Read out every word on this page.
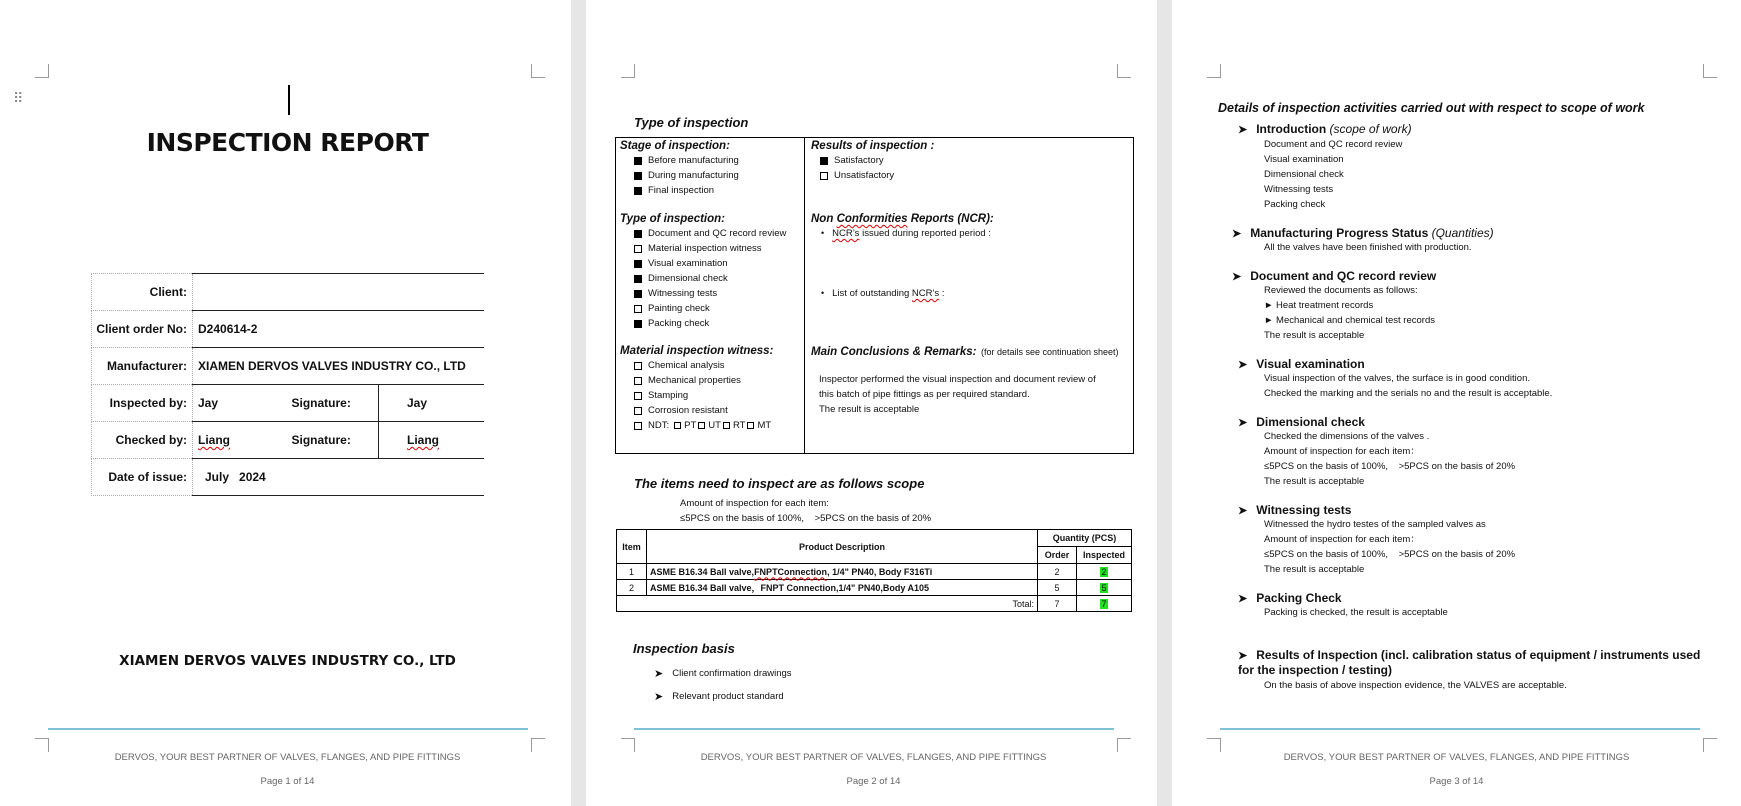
⠿
INSPECTION REPORT
Client:			
Client order No:	D240614-2		
Manufacturer:	XIAMEN DERVOS VALVES INDUSTRY CO., LTD		
Inspected by:	Jay	Signature:	Jay
Checked by:	Liang	Signature:	Liang
Date of issue:	July   2024		
XIAMEN DERVOS VALVES INDUSTRY CO., LTD
DERVOS, YOUR BEST PARTNER OF VALVES, FLANGES, AND PIPE FITTINGS
Page 1 of 14
Type of inspection
Stage of inspection:
Before manufacturing
During manufacturing
Final inspection
Type of inspection:
Document and QC record review
Material inspection witness
Visual examination
Dimensional check
Witnessing tests
Painting check
Packing check
Material inspection witness:
Chemical analysis
Mechanical properties
Stamping
Corrosion resistant
NDT: PT UT RT MT
Results of inspection :
Satisfactory
Unsatisfactory
Non Conformities Reports (NCR):
• NCR’s
issued during reported period :
• List of outstanding
NCR’s
:
Main Conclusions & Remarks: (for details see continuation sheet)
Inspector performed the visual inspection and document review of
this batch of pipe fittings as per required standard.
The result is acceptable
The items need to inspect are as follows scope
Amount of inspection for each item:
≤5PCS on the basis of 100%,    >5PCS on the basis of 20%
Item	Product Description	Quantity (PCS)	
		Order	Inspected
1	ASME B16.34 Ball valve,FNPTConnection, 1/4" PN40, Body F316Ti	2	2
2	ASME B16.34 Ball valve，FNPT Connection,1/4" PN40,Body A105	5	5
Total:		7	7
Inspection basis
➤ Client confirmation drawings
➤ Relevant product standard
DERVOS, YOUR BEST PARTNER OF VALVES, FLANGES, AND PIPE FITTINGS
Page 2 of 14
Details of inspection activities carried out with respect to scope of work
➤ Introduction
(scope of work)
Document and QC record review
Visual examination
Dimensional check
Witnessing tests
Packing check
➤ Manufacturing Progress Status
(Quantities)
All the valves have been finished with production.
➤ Document and QC record review
Reviewed the documents as follows:
► Heat treatment records
► Mechanical and chemical test records
The result is acceptable
➤ Visual examination
Visual inspection of the valves, the surface is in good condition.
Checked the marking and the serials no and the result is acceptable.
➤ Dimensional check
Checked the dimensions of the valves .
Amount of inspection for each item：
≤5PCS on the basis of 100%,    >5PCS on the basis of 20%
The result is acceptable
➤ Witnessing tests
Witnessed the hydro testes of the sampled valves as
Amount of inspection for each item：
≤5PCS on the basis of 100%,    >5PCS on the basis of 20%
The result is acceptable
➤ Packing Check
Packing is checked, the result is acceptable
➤ Results of Inspection (incl. calibration status of equipment / instruments used
for the inspection / testing)
On the basis of above inspection evidence, the VALVES are acceptable.
DERVOS, YOUR BEST PARTNER OF VALVES, FLANGES, AND PIPE FITTINGS
Page 3 of 14
